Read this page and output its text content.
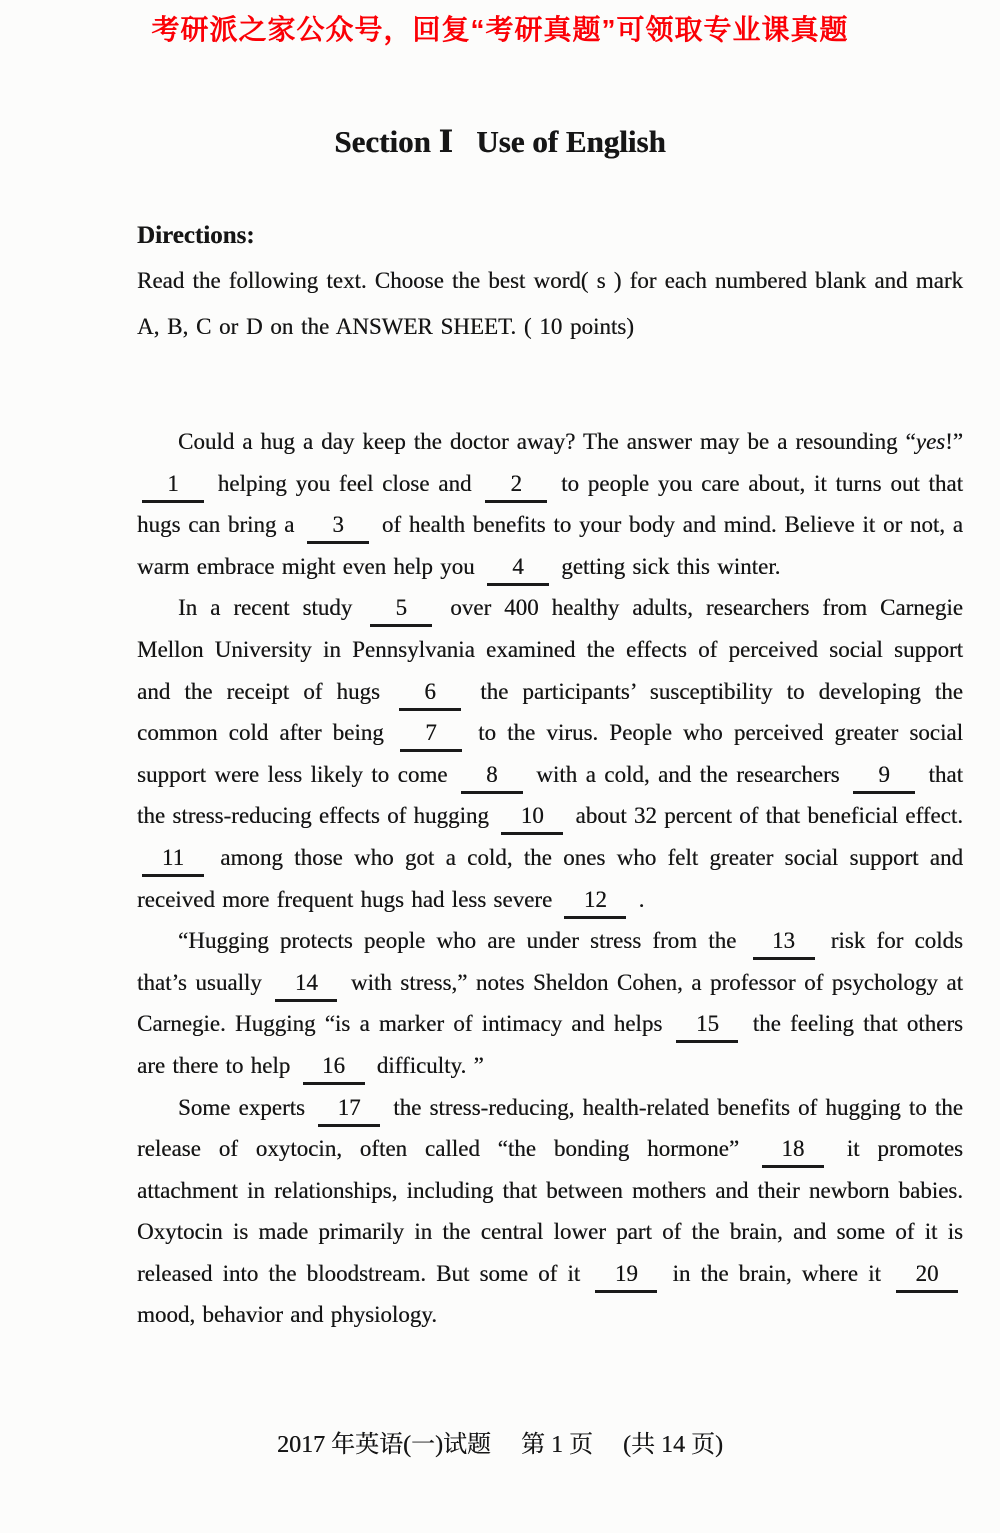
考研派之家公众号，回复“考研真题”可领取专业课真题
Section Ⅰ   Use of English

Directions:

Read the following text. Choose the best word( s ) for each numbered blank and mark A, B, C or D on the ANSWER SHEET. ( 10 points)

Could a hug a day keep the doctor away? The answer may be a resounding “yes!” 1 helping you feel close and 2 to people you care about, it turns out that hugs can bring a 3 of health benefits to your body and mind. Believe it or not, a warm embrace might even help you 4 getting sick this winter.

In a recent study 5 over 400 healthy adults, researchers from Carnegie Mellon University in Pennsylvania examined the effects of perceived social support and the receipt of hugs 6 the participants’ susceptibility to developing the common cold after being 7 to the virus. People who perceived greater social support were less likely to come 8 with a cold, and the researchers 9 that the stress-reducing effects of hugging 10 about 32 percent of that beneficial effect. 11 among those who got a cold, the ones who felt greater social support and received more frequent hugs had less severe 12 .

“Hugging protects people who are under stress from the 13 risk for colds that’s usually 14 with stress,” notes Sheldon Cohen, a professor of psychology at Carnegie. Hugging “is a marker of intimacy and helps 15 the feeling that others are there to help 16 difficulty. ”

Some experts 17 the stress-reducing, health-related benefits of hugging to the release of oxytocin, often called “the bonding hormone” 18 it promotes attachment in relationships, including that between mothers and their newborn babies. Oxytocin is made primarily in the central lower part of the brain, and some of it is released into the bloodstream. But some of it 19 in the brain, where it 20 mood, behavior and physiology.

2017 年英语(一)试题　 第 1 页 　(共 14 页)
